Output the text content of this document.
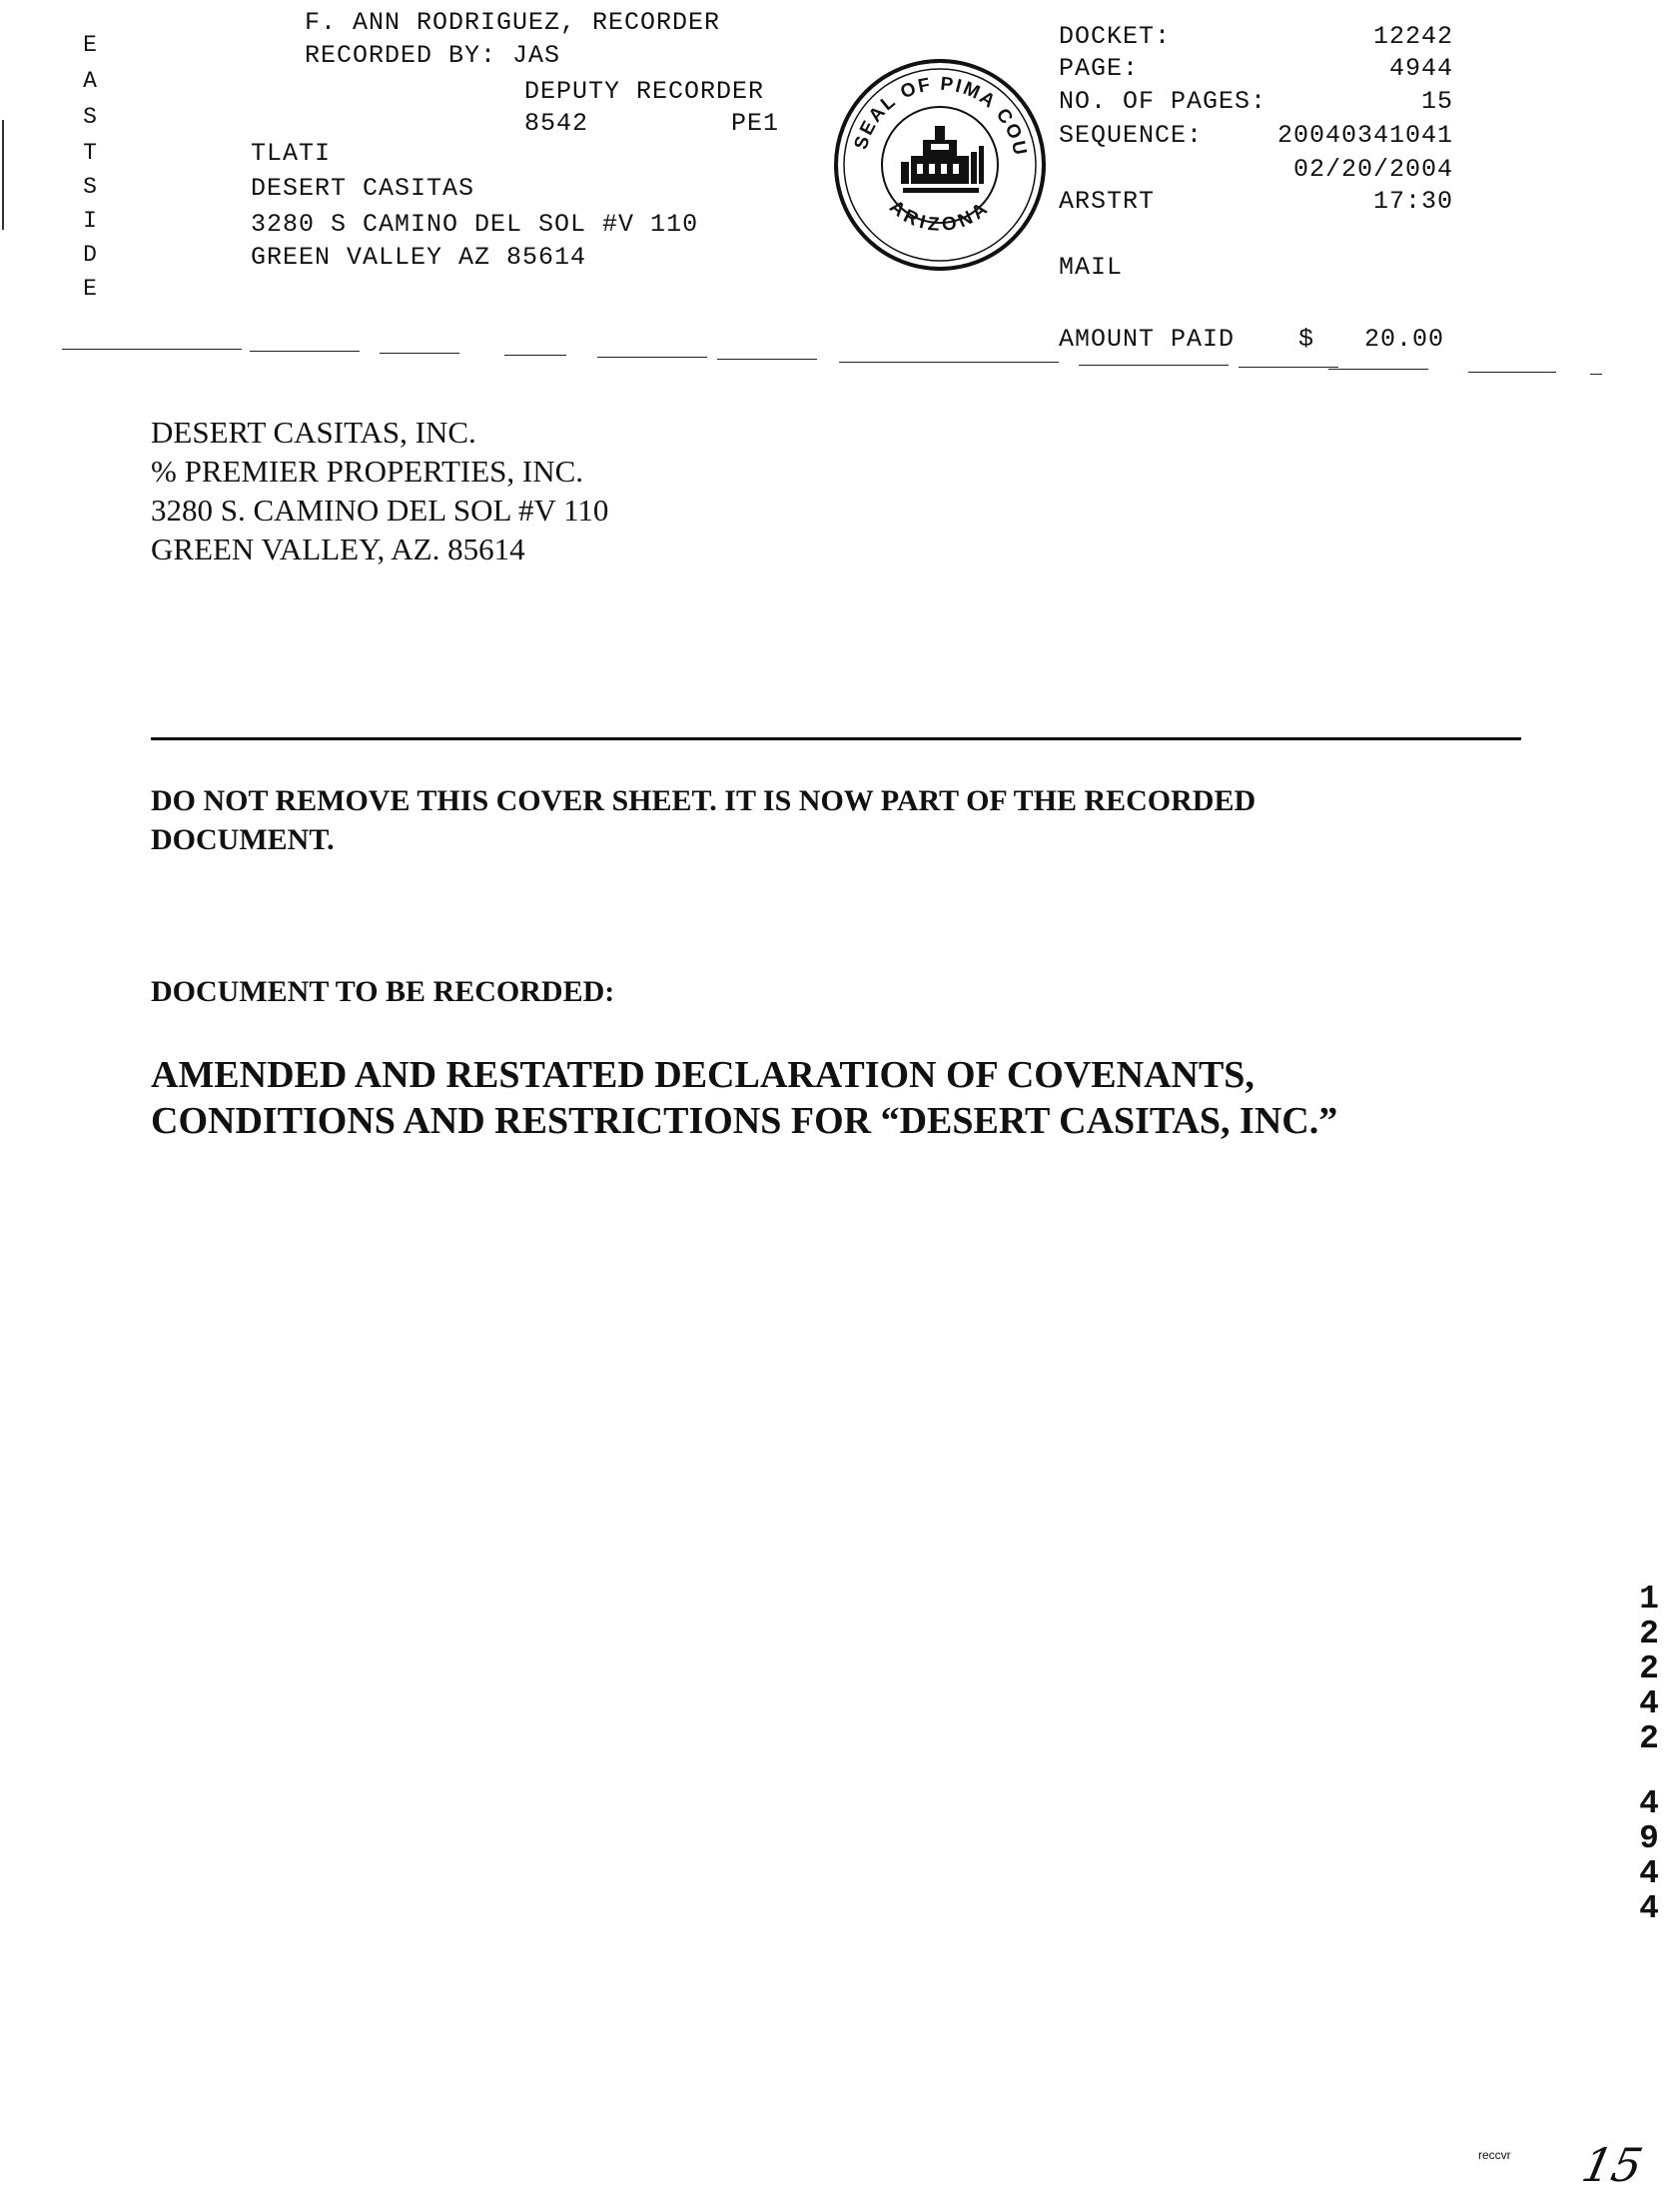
E
A
S
T
S
I
D
E
F. ANN RODRIGUEZ, RECORDER
RECORDED BY: JAS
DEPUTY RECORDER
8542	PE1
TLATI
DESERT CASITAS
3280 S CAMINO DEL SOL #V 110
GREEN VALLEY AZ 85614
SEAL OF PIMA COU
ARIZONA
DOCKET:	12242
PAGE:	4944
NO. OF PAGES:	15
SEQUENCE:	20040341041
02/20/2004
ARSTRT	17:30
MAIL
AMOUNT PAID	$ 20.00
DESERT CASITAS, INC.
% PREMIER PROPERTIES, INC.
3280 S. CAMINO DEL SOL #V 110
GREEN VALLEY, AZ. 85614
DO NOT REMOVE THIS COVER SHEET. IT IS NOW PART OF THE RECORDED
DOCUMENT.
DOCUMENT TO BE RECORDED:
AMENDED AND RESTATED DECLARATION OF COVENANTS,
CONDITIONS AND RESTRICTIONS FOR “DESERT CASITAS, INC.”
1
2
2
4
2
4
9
4
4
reccvr 15
